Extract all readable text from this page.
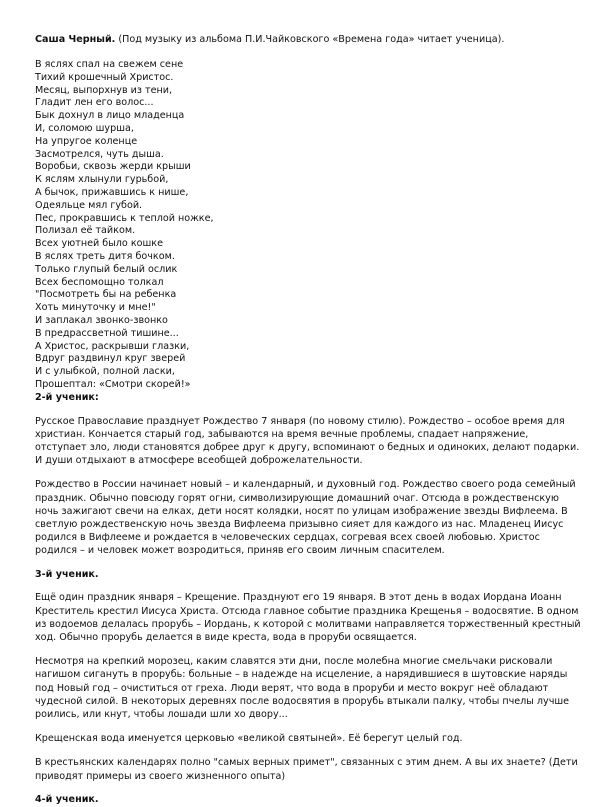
Саша Черный. (Под музыку из альбома П.И.Чайковского «Времена года» читает ученица).

В яслях спал на свежем сене
Тихий крошечный Христос.
Месяц, выпорхнув из тени,
Гладит лен его волос...
Бык дохнул в лицо младенца
И, соломою шурша,
На упругое коленце
Засмотрелся, чуть дыша.
Воробьи, сквозь жерди крыши
К яслям хлынули гурьбой,
А бычок, прижавшись к нише,
Одеяльце мял губой.
Пес, прокравшись к теплой ножке,
Полизал её тайком.
Всех уютней было кошке
В яслях треть дитя бочком.
Только глупый белый ослик
Всех беспомощно толкал
"Посмотреть бы на ребенка
Хоть минуточку и мне!"
И заплакал звонко-звонко
В предрассветной тишине...
А Христос, раскрывши глазки,
Вдруг раздвинул круг зверей
И с улыбкой, полной ласки,
Прошептал: «Смотри скорей!»

2-й ученик:

Русское Православие празднует Рождество 7 января (по новому стилю). Рождество – особое время для христиан. Кончается старый год, забываются на время вечные проблемы, спадает напряжение, отступает зло, люди становятся добрее друг к другу, вспоминают о бедных и одиноких, делают подарки. И души отдыхают в атмосфере всеобщей доброжелательности.

Рождество в России начинает новый – и календарный, и духовный год. Рождество своего рода семейный праздник. Обычно повсюду горят огни, символизирующие домашний очаг. Отсюда в рождественскую ночь зажигают свечи на елках, дети носят колядки, носят по улицам изображение звезды Вифлеема. В светлую рождественскую ночь звезда Вифлеема призывно сияет для каждого из нас. Младенец Иисус родился в Вифлееме и рождается в человеческих сердцах, согревая всех своей любовью. Христос родился – и человек может возродиться, приняв его своим личным спасителем.

3-й ученик.

Ещё один праздник января – Крещение. Празднуют его 19 января. В этот день в водах Иордана Иоанн Креститель крестил Иисуса Христа. Отсюда главное событие праздника Крещенья – водосвятие. В одном из водоемов делалась прорубь – Иордань, к которой с молитвами направляется торжественный крестный ход. Обычно прорубь делается в виде креста, вода в проруби освящается.

Несмотря на крепкий морозец, каким славятся эти дни, после молебна многие смельчаки рисковали нагишом сигануть в прорубь: больные – в надежде на исцеление, а нарядившиеся в шутовские наряды под Новый год – очиститься от греха. Люди верят, что вода в проруби и место вокруг неё обладают чудесной силой. В некоторых деревнях после водосвятия в прорубь втыкали палку, чтобы пчелы лучше роились, или кнут, чтобы лошади шли хо двору...

Крещенская вода именуется церковью «великой святыней». Её берегут целый год.

В крестьянских календарях полно "самых верных примет", связанных с этим днем. А вы их знаете? (Дети приводят примеры из своего жизненного опыта)

4-й ученик.
